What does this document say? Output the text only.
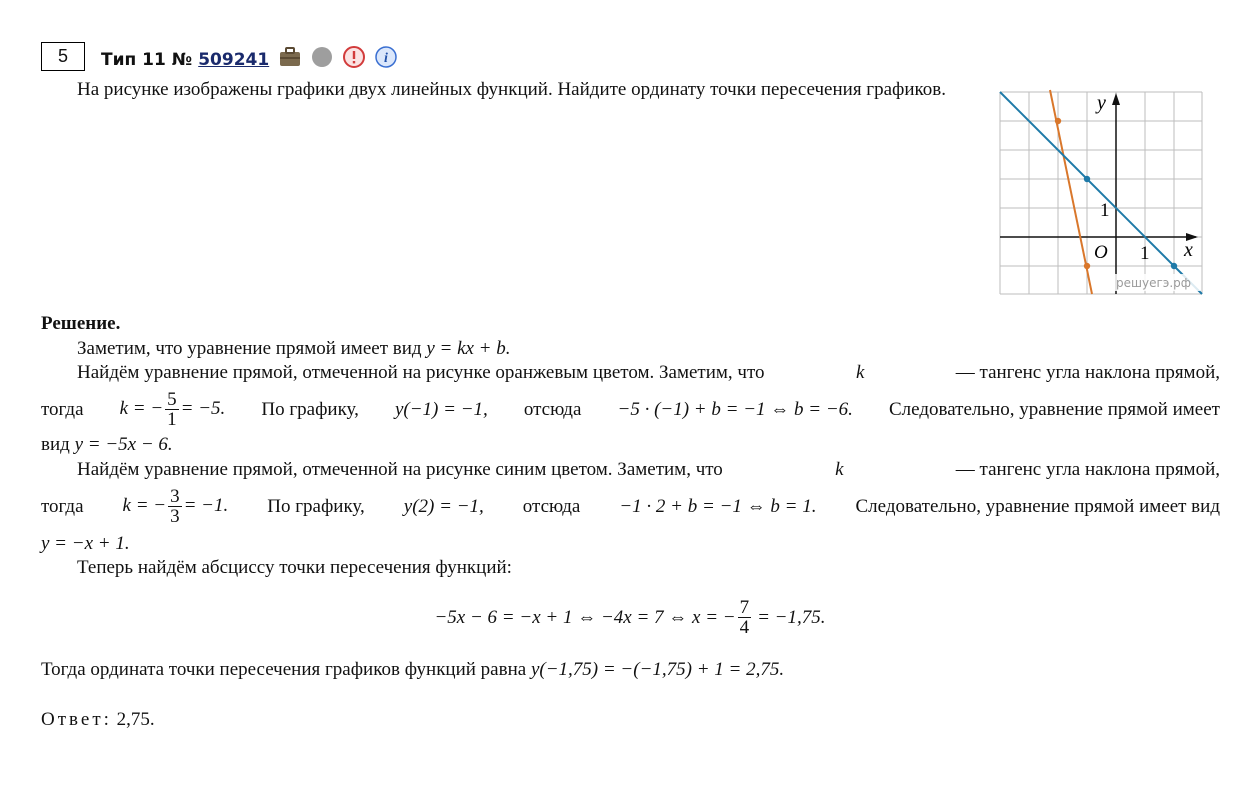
5	Тип 11 № 509241	i
На рисунке изображены графики двух линейных функций. Найдите ординату точки пересечения графиков.
x
y
O 1
1
решуегэ.рф
Решение.
Заметим, что уравнение прямой имеет вид y = kx + b.
Найдём уравнение прямой, отмеченной на рисунке оранжевым цветом. Заметим, что	k	— тангенс угла наклона прямой,
тогда k = − $\frac{5}{1} = -5$. По графику, y(−1) = −1, отсюда −5 · (−1) + b = −1 ⇔ b = −6. Следовательно, уравнение прямой имеет
вид y = −5x − 6.
Найдём уравнение прямой, отмеченной на рисунке синим цветом. Заметим, что	k	— тангенс угла наклона прямой,
тогда k = − $\frac{3}{3} = -1$. По графику, y(2) = −1, отсюда −1 · 2 + b = −1 ⇔ b = 1. Следовательно, уравнение прямой имеет вид
y = −x + 1.
Теперь найдём абсциссу точки пересечения функций:
−5x − 6 = −x + 1 ⇔ −4x = 7 ⇔ x = − $\frac{7}{4} = -1,75$.
Тогда ордината точки пересечения графиков функций равна y(−1,75) = −(−1,75) + 1 = 2,75.
Ответ: 2,75.
